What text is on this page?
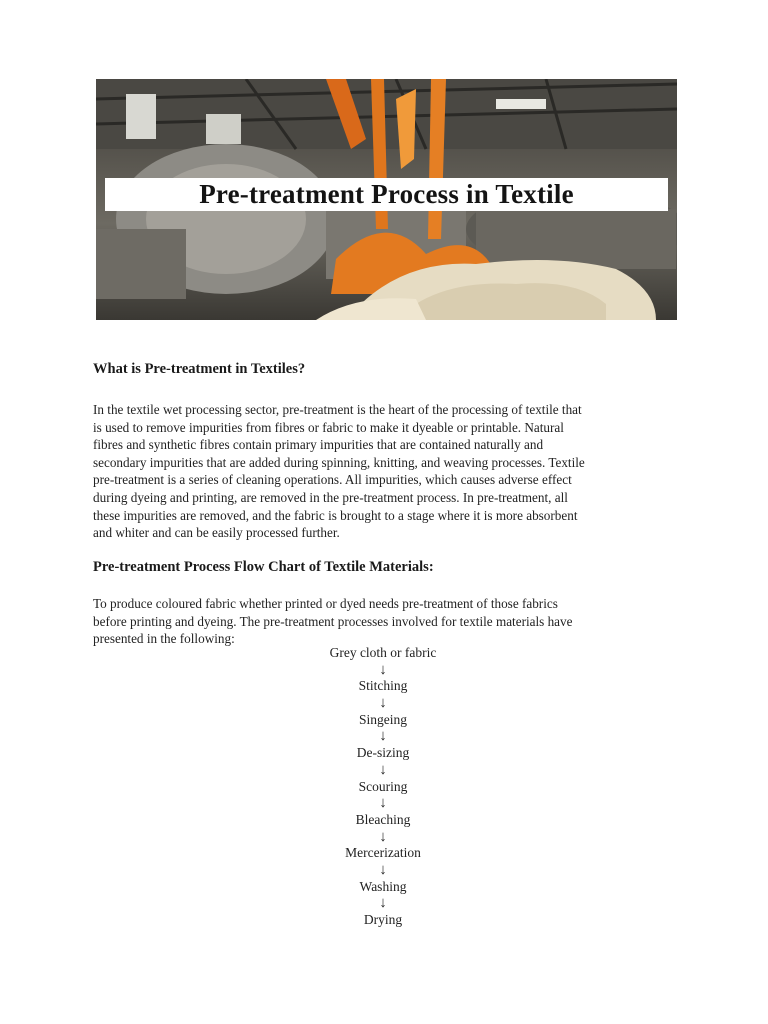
Pre-treatment Process in Textile
What is Pre-treatment in Textiles?
In the textile wet processing sector, pre-treatment is the heart of the processing of textile that
is used to remove impurities from fibres or fabric to make it dyeable or printable. Natural
fibres and synthetic fibres contain primary impurities that are contained naturally and
secondary impurities that are added during spinning, knitting, and weaving processes. Textile
pre-treatment is a series of cleaning operations. All impurities, which causes adverse effect
during dyeing and printing, are removed in the pre-treatment process. In pre-treatment, all
these impurities are removed, and the fabric is brought to a stage where it is more absorbent
and whiter and can be easily processed further.
Pre-treatment Process Flow Chart of Textile Materials:
To produce coloured fabric whether printed or dyed needs pre-treatment of those fabrics
before printing and dyeing. The pre-treatment processes involved for textile materials have
presented in the following:
Grey cloth or fabric
↓
Stitching
↓
Singeing
↓
De-sizing
↓
Scouring
↓
Bleaching
↓
Mercerization
↓
Washing
↓
Drying
